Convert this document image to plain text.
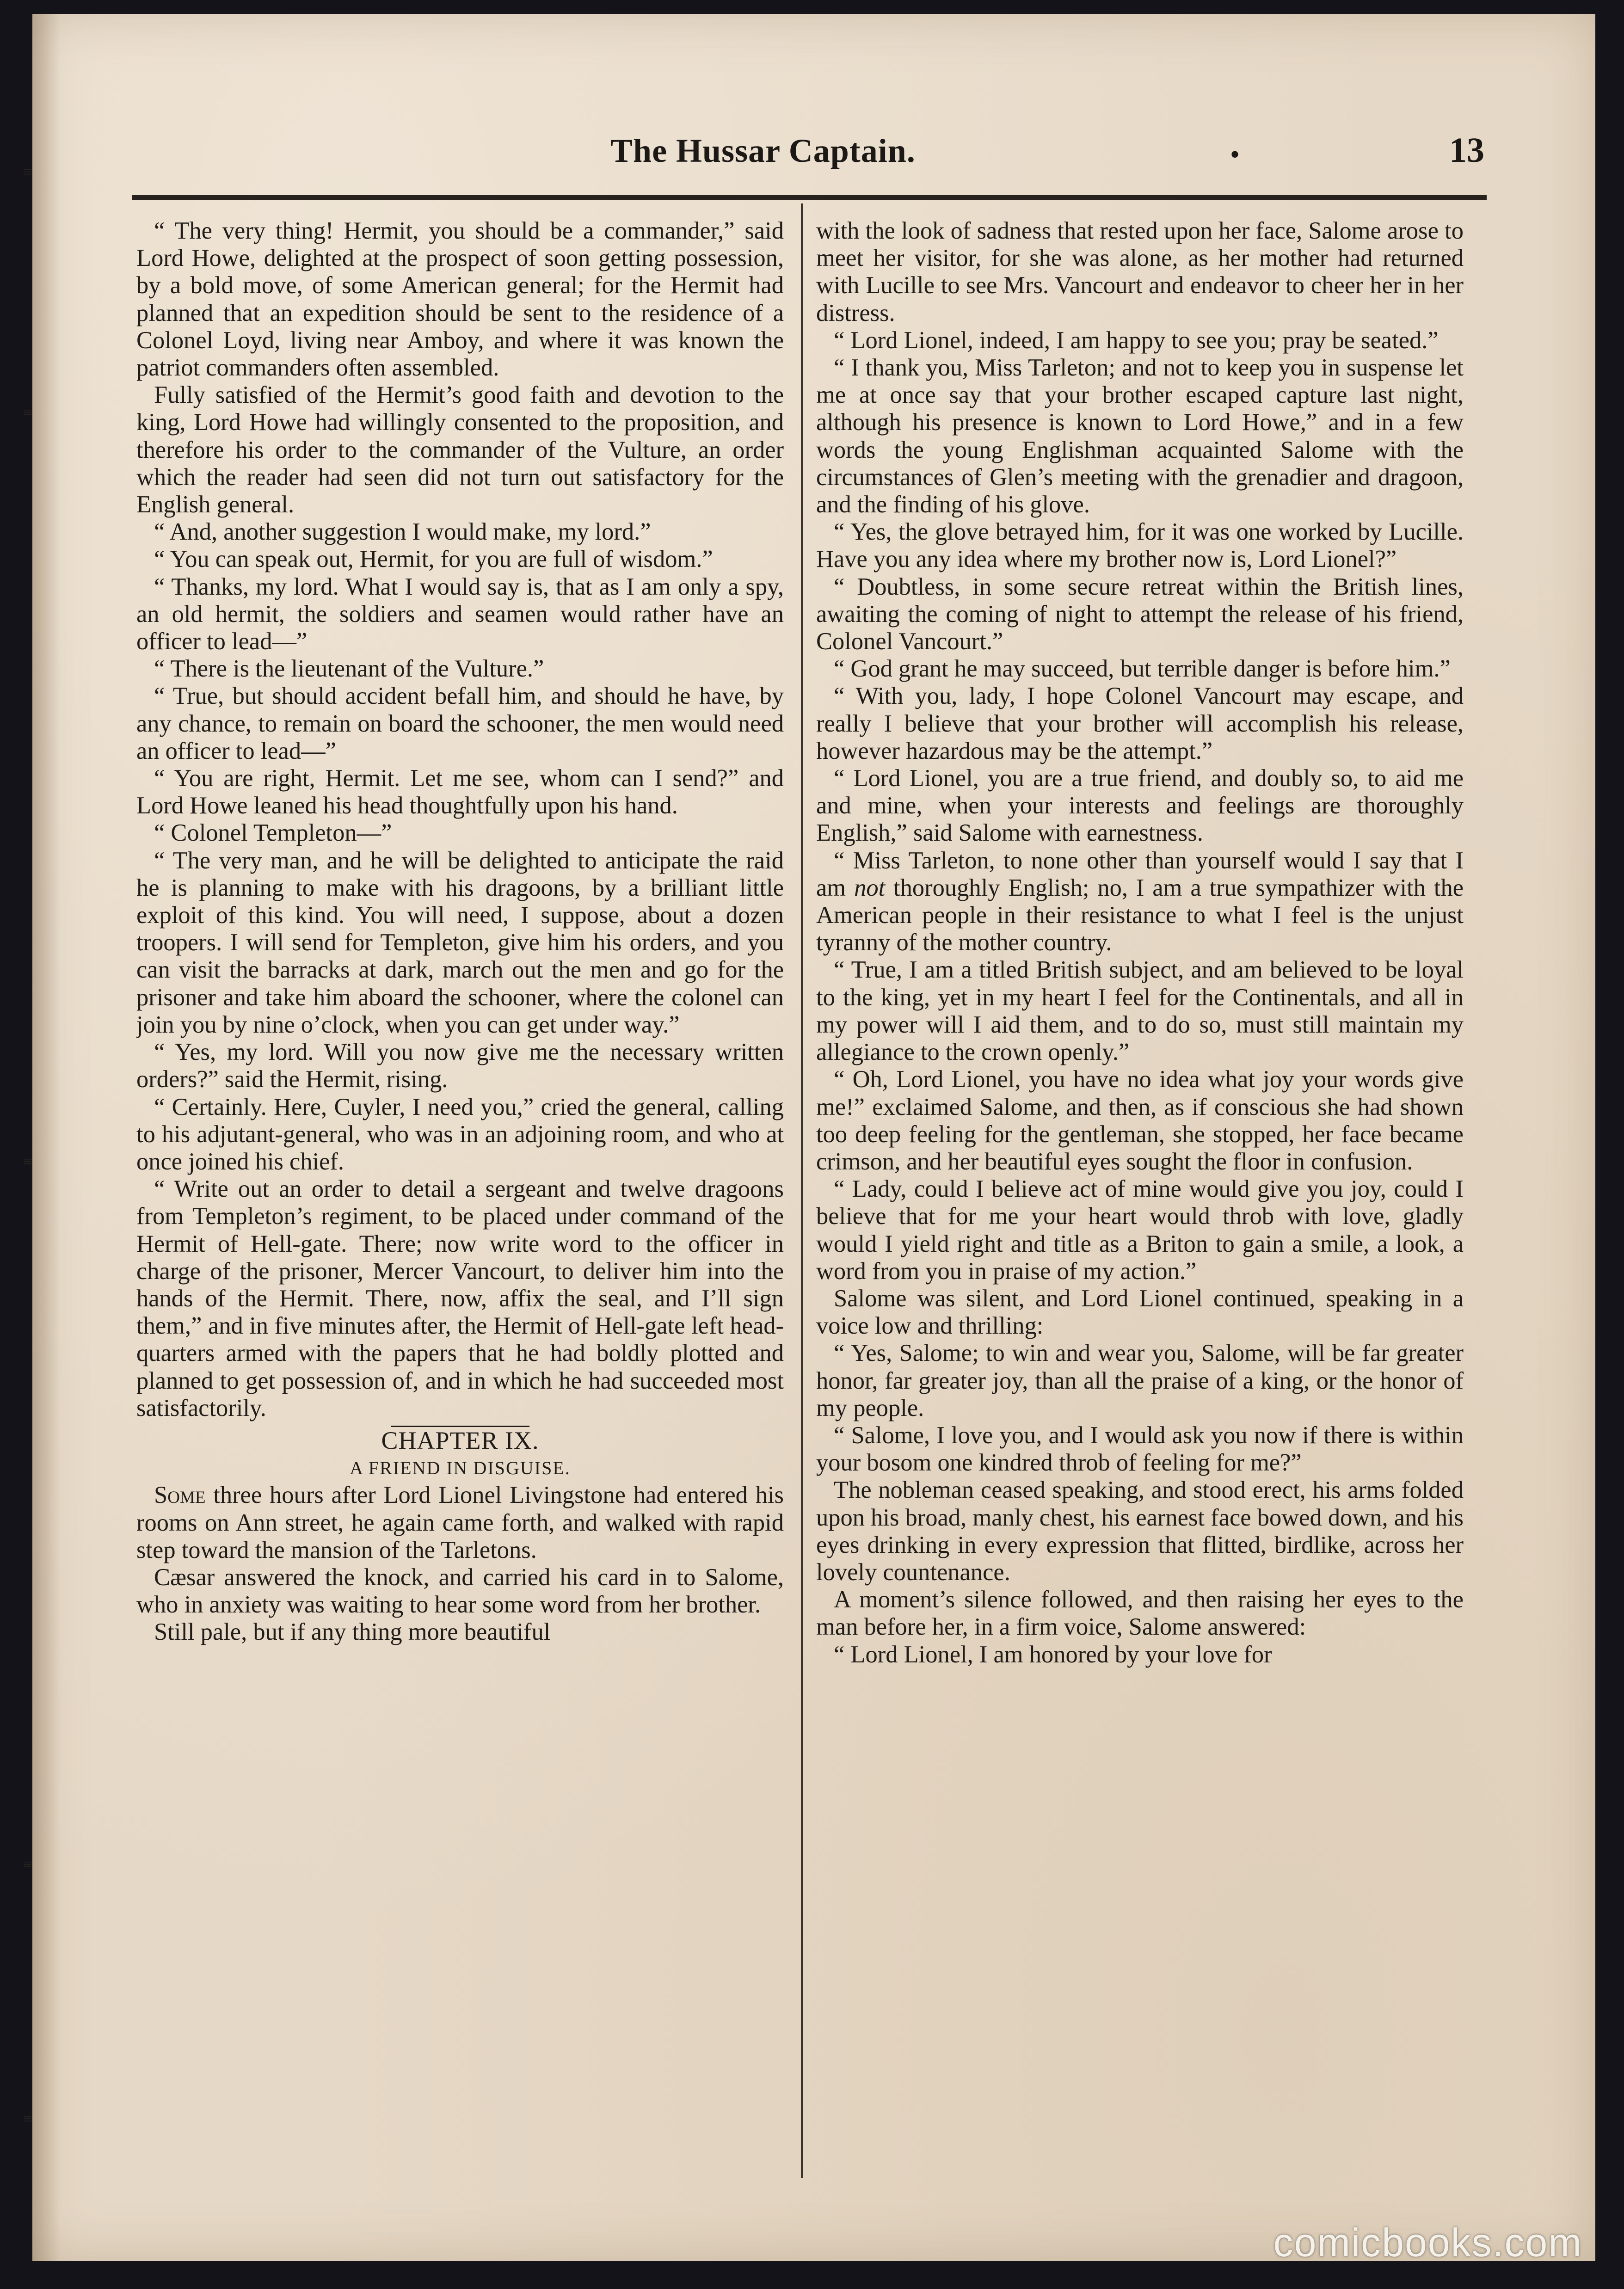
≡
≡
≡
≡
≡
The Hussar Captain.	•	13

“ The very thing! Hermit, you should be a commander,” said Lord Howe, delighted at the prospect of soon getting possession, by a bold move, of some American general; for the Hermit had planned that an expedition should be sent to the residence of a Colonel Loyd, living near Amboy, and where it was known the patriot commanders often assembled.

Fully satisfied of the Hermit’s good faith and devotion to the king, Lord Howe had willingly consented to the proposition, and therefore his order to the commander of the Vulture, an order which the reader had seen did not turn out satisfactory for the English general.

“ And, another suggestion I would make, my lord.”

“ You can speak out, Hermit, for you are full of wisdom.”

“ Thanks, my lord. What I would say is, that as I am only a spy, an old hermit, the soldiers and seamen would rather have an officer to lead—”

“ There is the lieutenant of the Vulture.”

“ True, but should accident befall him, and should he have, by any chance, to remain on board the schooner, the men would need an officer to lead—”

“ You are right, Hermit. Let me see, whom can I send?” and Lord Howe leaned his head thoughtfully upon his hand.

“ Colonel Templeton—”

“ The very man, and he will be delighted to anticipate the raid he is planning to make with his dragoons, by a brilliant little exploit of this kind. You will need, I suppose, about a dozen troopers. I will send for Templeton, give him his orders, and you can visit the barracks at dark, march out the men and go for the prisoner and take him aboard the schooner, where the colonel can join you by nine o’clock, when you can get under way.”

“ Yes, my lord. Will you now give me the necessary written orders?” said the Hermit, rising.

“ Certainly. Here, Cuyler, I need you,” cried the general, calling to his adjutant-general, who was in an adjoining room, and who at once joined his chief.

“ Write out an order to detail a sergeant and twelve dragoons from Templeton’s regiment, to be placed under command of the Hermit of Hell-gate. There; now write word to the officer in charge of the prisoner, Mercer Vancourt, to deliver him into the hands of the Hermit. There, now, affix the seal, and I’ll sign them,” and in five minutes after, the Hermit of Hell-gate left head-quarters armed with the papers that he had boldly plotted and planned to get possession of, and in which he had succeeded most satisfactorily.

CHAPTER IX.

A FRIEND IN DISGUISE.

Some three hours after Lord Lionel Livingstone had entered his rooms on Ann street, he again came forth, and walked with rapid step toward the mansion of the Tarletons.

Cæsar answered the knock, and carried his card in to Salome, who in anxiety was waiting to hear some word from her brother.

Still pale, but if any thing more beautiful

with the look of sadness that rested upon her face, Salome arose to meet her visitor, for she was alone, as her mother had returned with Lucille to see Mrs. Vancourt and endeavor to cheer her in her distress.

“ Lord Lionel, indeed, I am happy to see you; pray be seated.”

“ I thank you, Miss Tarleton; and not to keep you in suspense let me at once say that your brother escaped capture last night, although his presence is known to Lord Howe,” and in a few words the young Englishman acquainted Salome with the circumstances of Glen’s meeting with the grenadier and dragoon, and the finding of his glove.

“ Yes, the glove betrayed him, for it was one worked by Lucille. Have you any idea where my brother now is, Lord Lionel?”

“ Doubtless, in some secure retreat within the British lines, awaiting the coming of night to attempt the release of his friend, Colonel Vancourt.”

“ God grant he may succeed, but terrible danger is before him.”

“ With you, lady, I hope Colonel Vancourt may escape, and really I believe that your brother will accomplish his release, however hazardous may be the attempt.”

“ Lord Lionel, you are a true friend, and doubly so, to aid me and mine, when your interests and feelings are thoroughly English,” said Salome with earnestness.

“ Miss Tarleton, to none other than yourself would I say that I am not thoroughly English; no, I am a true sympathizer with the American people in their resistance to what I feel is the unjust tyranny of the mother country.

“ True, I am a titled British subject, and am believed to be loyal to the king, yet in my heart I feel for the Continentals, and all in my power will I aid them, and to do so, must still maintain my allegiance to the crown openly.”

“ Oh, Lord Lionel, you have no idea what joy your words give me!” exclaimed Salome, and then, as if conscious she had shown too deep feeling for the gentleman, she stopped, her face became crimson, and her beautiful eyes sought the floor in confusion.

“ Lady, could I believe act of mine would give you joy, could I believe that for me your heart would throb with love, gladly would I yield right and title as a Briton to gain a smile, a look, a word from you in praise of my action.”

Salome was silent, and Lord Lionel continued, speaking in a voice low and thrilling:

“ Yes, Salome; to win and wear you, Salome, will be far greater honor, far greater joy, than all the praise of a king, or the honor of my people.

“ Salome, I love you, and I would ask you now if there is within your bosom one kindred throb of feeling for me?”

The nobleman ceased speaking, and stood erect, his arms folded upon his broad, manly chest, his earnest face bowed down, and his eyes drinking in every expression that flitted, birdlike, across her lovely countenance.

A moment’s silence followed, and then raising her eyes to the man before her, in a firm voice, Salome answered:

“ Lord Lionel, I am honored by your love for

comicbooks.com
